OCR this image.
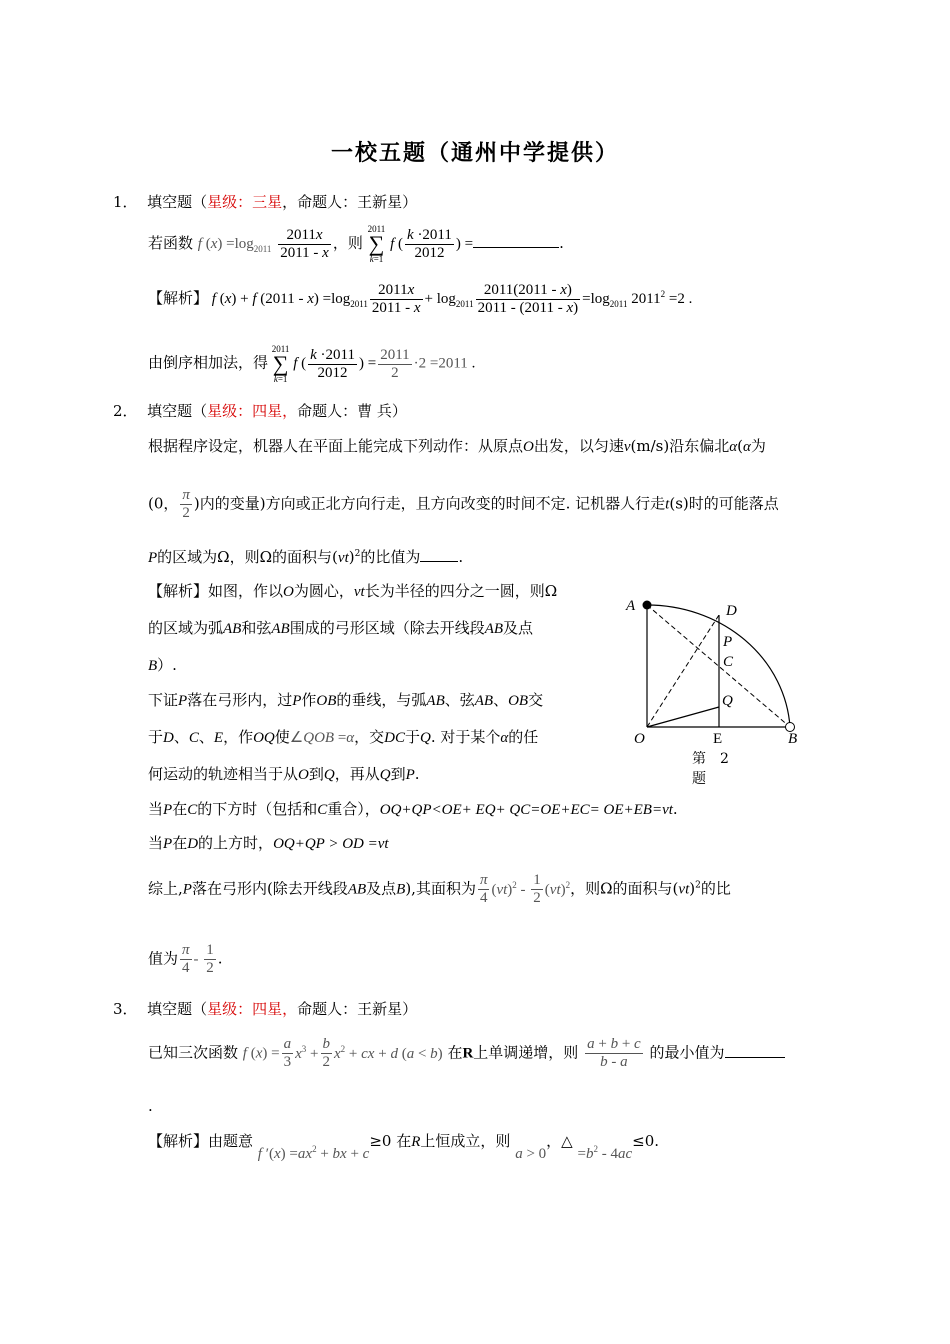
一校五题（通州中学提供）
1． 填空题（星级：三星，命题人：王新星）
若函数 f $(x) =\log_{2011} \frac{2011x}{2011 - x}$ ，则 2011
∑
k=1 f ( $\frac{k \cdot 2011}{2012}$ ) =	.
【解析】 f (x) + f $(2011 - x) =\log_{2011} \frac{2011x}{2011 - x} + \log_{2011} \frac{2011(2011 - x)}{2011 - (2011 - x)} =\log_{2011}$ $2011^2 =2$ .
由倒序相加法，得 2011
∑
k=1 f ( $\frac{k \cdot 2011}{2012}$ ) = $\frac{2011}{2} \cdot 2 =2011$ .
2． 填空题（星级：四星，命题人：曹 兵）
根据程序设定，机器人在平面上能完成下列动作：从原点O出发，以匀速v(m/s)沿东偏北α(α为
(0， $\frac{\pi}{2}$ )内的变量)方向或正北方向行走，且方向改变的时间不定. 记机器人行走t(s)时的可能落点
P的区域为Ω，则Ω的面积与(vt)$^2$的比值为	.
【解析】如图，作以O为圆心，vt长为半径的四分之一圆，则Ω
的区域为弧AB和弦AB围成的弓形区域（除去开线段AB及点
B）.
下证P落在弓形内，过P作OB的垂线，与弧AB、弦AB、OB交
于D、C、E，作OQ使∠QOB =α，交DC于Q. 对于某个α的任
何运动的轨迹相当于从O到Q，再从Q到P.
当P在C的下方时（包括和C重合），OQ+QP<OE+ EQ+ QC=OE+EC= OE+EB=vt.
当P在D的上方时，OQ+QP > OD =vt
综上,P落在弓形内(除去开线段AB及点B),其面积为 $\frac{\pi}{4} (vt)^2 - \frac{1}{2} (vt)^2$，则Ω的面积与(vt)$^2$的比
值为 $\frac{\pi}{4} - \frac{1}{2}$ .
A	D
P
C
Q
O	E	B
第　2
题
3． 填空题（星级：四星，命题人：王新星）
已知三次函数 f $(x) = \frac{a}{3} x^3 + \frac{b}{2} x^2$ + cx + d (a < b) 在R上单调递增，则 $\frac{a + b + c}{b - a}$ 的最小值为
.
【解析】由题意 f $'(x) =ax^2$ + bx + c≥0 在R上恒成立，则 a > 0，△ $=b^2 - 4ac\le 0$.
